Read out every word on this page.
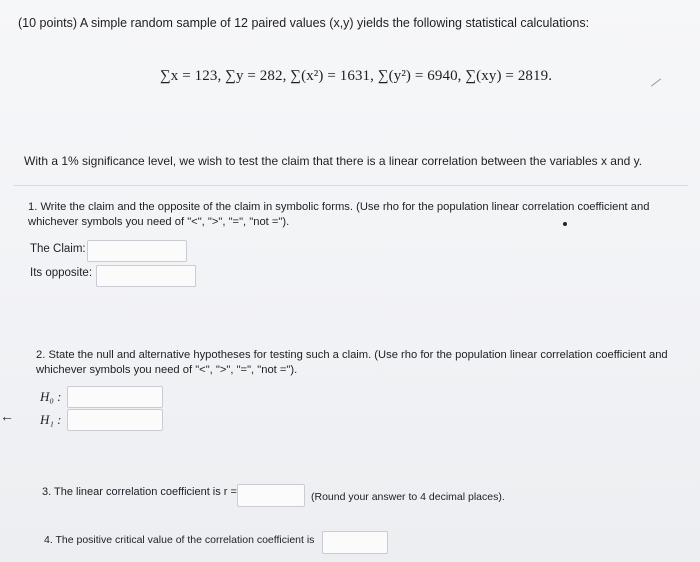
(10 points) A simple random sample of 12 paired values (x,y) yields the following statistical calculations:
∑x = 123, ∑y = 282, ∑(x²) = 1631, ∑(y²) = 6940, ∑(xy) = 2819.
With a 1% significance level, we wish to test the claim that there is a linear correlation between the variables x and y.
1. Write the claim and the opposite of the claim in symbolic forms. (Use rho for the population linear correlation coefficient and whichever symbols you need of "<", ">", "=", "not =").
The Claim:
Its opposite:
2. State the null and alternative hypotheses for testing such a claim. (Use rho for the population linear correlation coefficient and whichever symbols you need of "<", ">", "=", "not =").
H₀ :
H₁ :
←
3. The linear correlation coefficient is r =	(Round your answer to 4 decimal places).
4. The positive critical value of the correlation coefficient is
